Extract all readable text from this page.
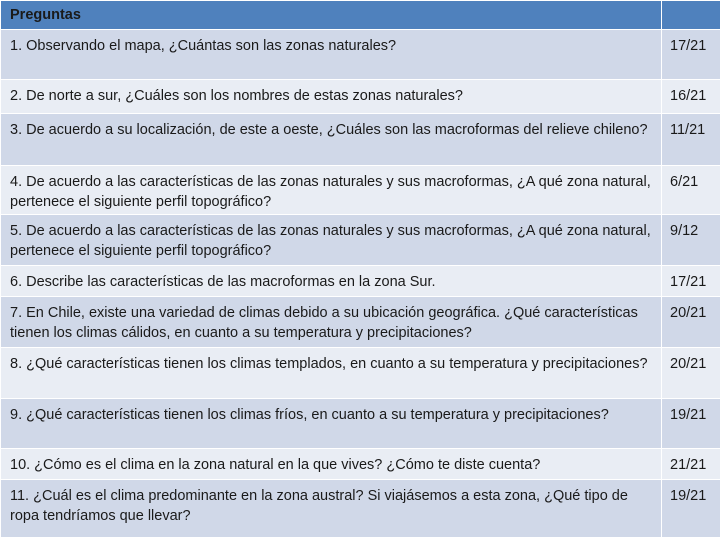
Preguntas	
1. Observando el mapa, ¿Cuántas son las zonas naturales?	17/21
2. De norte a sur, ¿Cuáles son los nombres de estas zonas naturales?	16/21
3. De acuerdo a su localización, de este a oeste, ¿Cuáles son las macroformas del relieve chileno?	11/21
4. De acuerdo a las características de las zonas naturales y sus macroformas, ¿A qué zona natural, pertenece el siguiente perfil topográfico?	6/21
5. De acuerdo a las características de las zonas naturales y sus macroformas, ¿A qué zona natural, pertenece el siguiente perfil topográfico?	9/12
6. Describe las características de las macroformas en la zona Sur.	17/21
7. En Chile, existe una variedad de climas debido a su ubicación geográfica. ¿Qué características tienen los climas cálidos, en cuanto a su temperatura y precipitaciones?	20/21
8. ¿Qué características tienen los climas templados, en cuanto a su temperatura y precipitaciones?	20/21
9. ¿Qué características tienen los climas fríos, en cuanto a su temperatura y precipitaciones?	19/21
10. ¿Cómo es el clima en la zona natural en la que vives? ¿Cómo te diste cuenta?	21/21
11. ¿Cuál es el clima predominante en la zona austral? Si viajásemos a esta zona, ¿Qué tipo de ropa tendríamos que llevar?	19/21
